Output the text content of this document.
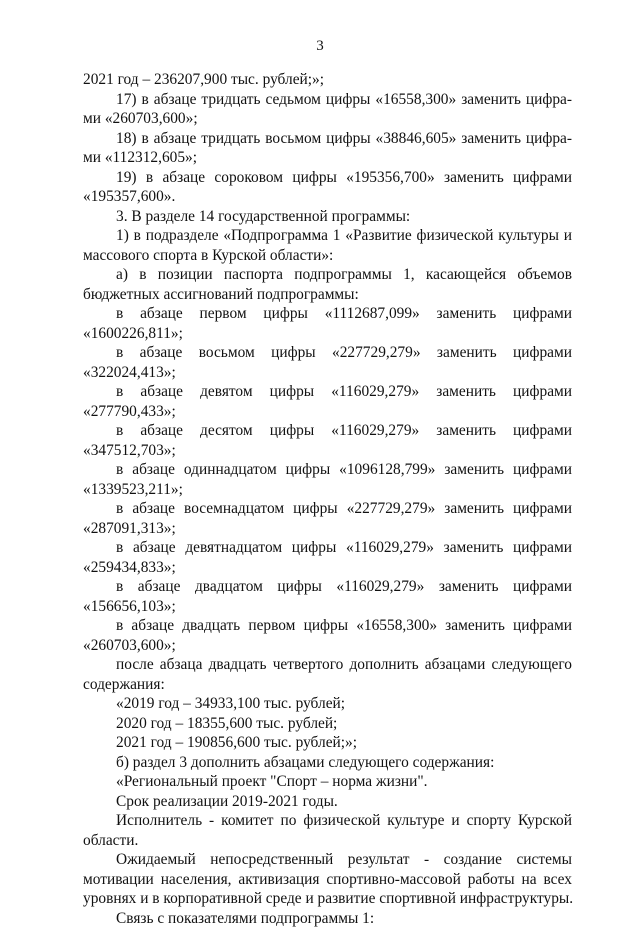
3
2021 год – 236207,900 тыс. рублей;»;
17) в абзаце тридцать седьмом цифры «16558,300» заменить цифра-
ми «260703,600»;
18) в абзаце тридцать восьмом цифры «38846,605» заменить цифра-
ми «112312,605»;
19) в абзаце сороковом цифры «195356,700» заменить цифрами
«195357,600».
3. В разделе 14 государственной программы:
1) в подразделе «Подпрограмма 1 «Развитие физической культуры и
массового спорта в Курской области»:
а) в позиции паспорта подпрограммы 1, касающейся объемов
бюджетных ассигнований подпрограммы:
в абзаце первом цифры «1112687,099» заменить цифрами
«1600226,811»;
в абзаце восьмом цифры «227729,279» заменить цифрами
«322024,413»;
в абзаце девятом цифры «116029,279» заменить цифрами
«277790,433»;
в абзаце десятом цифры «116029,279» заменить цифрами
«347512,703»;
в абзаце одиннадцатом цифры «1096128,799» заменить цифрами
«1339523,211»;
в абзаце восемнадцатом цифры «227729,279» заменить цифрами
«287091,313»;
в абзаце девятнадцатом цифры «116029,279» заменить цифрами
«259434,833»;
в абзаце двадцатом цифры «116029,279» заменить цифрами
«156656,103»;
в абзаце двадцать первом цифры «16558,300» заменить цифрами
«260703,600»;
после абзаца двадцать четвертого дополнить абзацами следующего
содержания:
«2019 год – 34933,100 тыс. рублей;
2020 год – 18355,600 тыс. рублей;
2021 год – 190856,600 тыс. рублей;»;
б) раздел 3 дополнить абзацами следующего содержания:
«Региональный проект "Спорт – норма жизни".
Срок реализации 2019-2021 годы.
Исполнитель - комитет по физической культуре и спорту Курской
области.
Ожидаемый непосредственный результат - создание системы
мотивации населения, активизация спортивно-массовой работы на всех
уровнях и в корпоративной среде и развитие спортивной инфраструктуры.
Связь с показателями подпрограммы 1:
